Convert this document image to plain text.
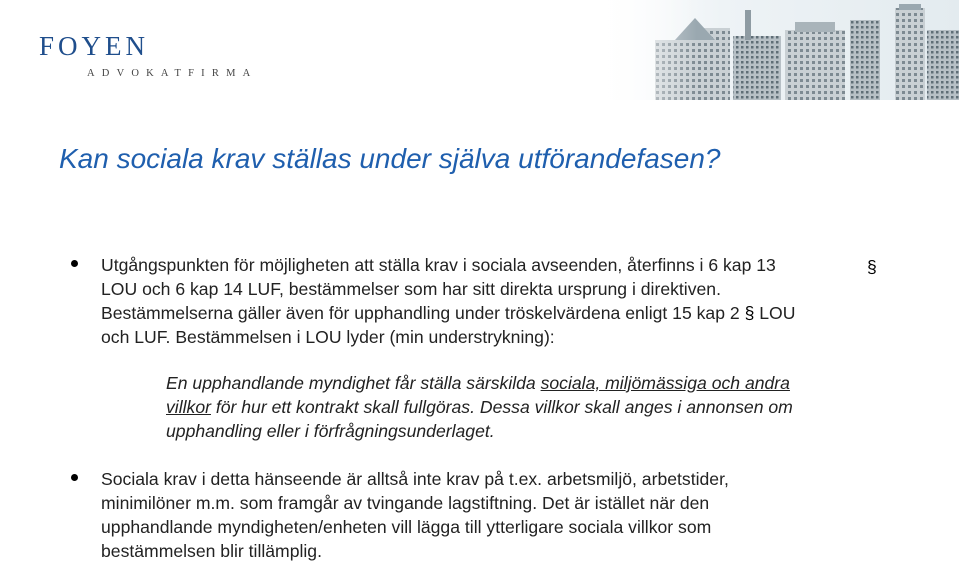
FOYEN
ADVOKATFIRMA
Kan sociala krav ställas under själva utförandefasen?
Utgångspunkten för möjligheten att ställa krav i sociala avseenden, återfinns i 6 kap 13
LOU och 6 kap 14 LUF, bestämmelser som har sitt direkta ursprung i direktiven.
Bestämmelserna gäller även för upphandling under tröskelvärdena enligt 15 kap 2 § LOU
och LUF. Bestämmelsen i LOU lyder (min understrykning):
§
En upphandlande myndighet får ställa särskilda sociala, miljömässiga och andra
villkor för hur ett kontrakt skall fullgöras. Dessa villkor skall anges i annonsen om
upphandling eller i förfrågningsunderlaget.
Sociala krav i detta hänseende är alltså inte krav på t.ex. arbetsmiljö, arbetstider,
minimilöner m.m. som framgår av tvingande lagstiftning. Det är istället när den
upphandlande myndigheten/enheten vill lägga till ytterligare sociala villkor som
bestämmelsen blir tillämplig.
